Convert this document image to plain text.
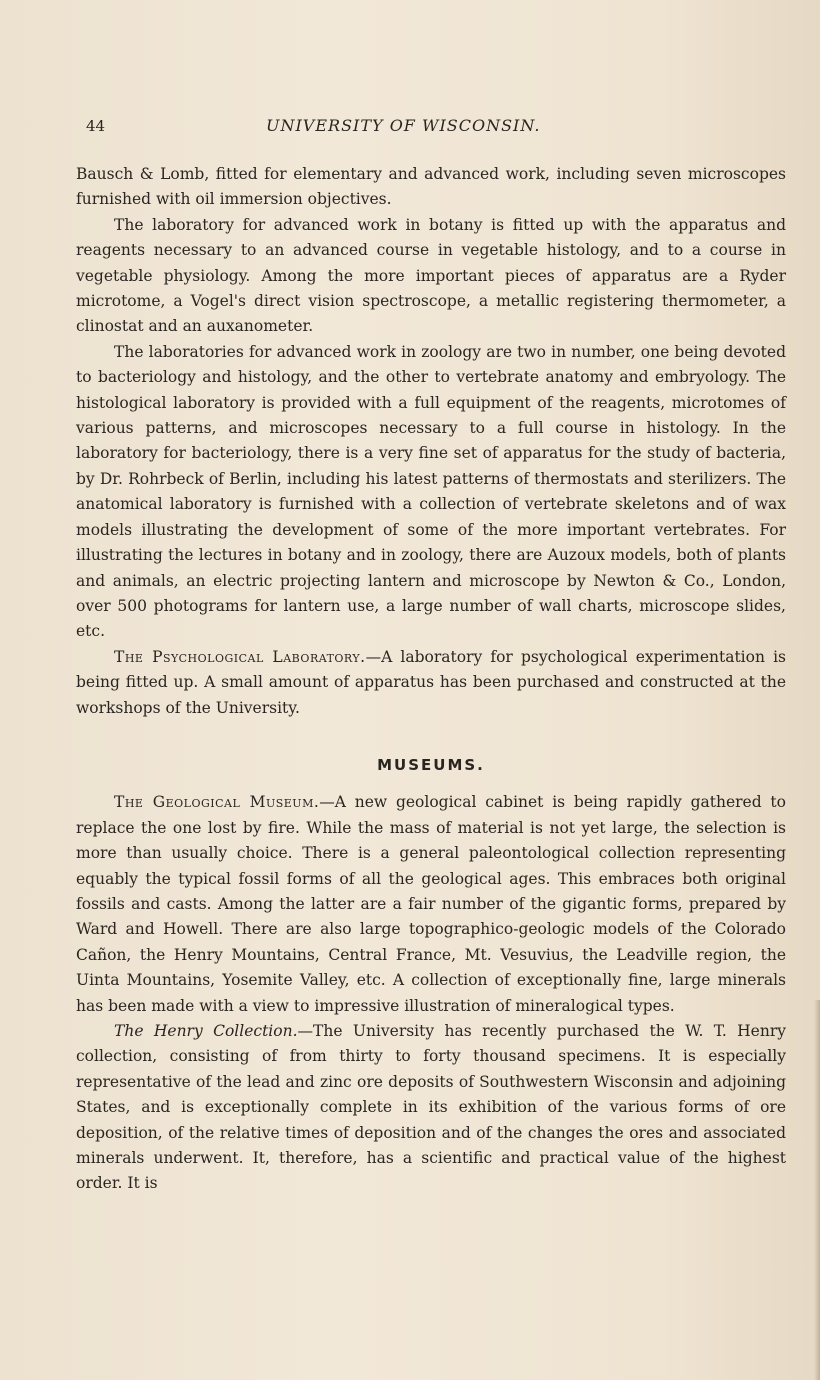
44	UNIVERSITY OF WISCONSIN.

Bausch & Lomb, fitted for elementary and advanced work, including seven microscopes furnished with oil immersion objectives.

The laboratory for advanced work in botany is fitted up with the apparatus and reagents necessary to an advanced course in vegetable histology, and to a course in vegetable physiology. Among the more important pieces of apparatus are a Ryder microtome, a Vogel's direct vision spectroscope, a metallic registering thermometer, a clinostat and an auxanometer.

The laboratories for advanced work in zoology are two in number, one being devoted to bacteriology and histology, and the other to vertebrate anatomy and embryology. The histological laboratory is provided with a full equipment of the reagents, microtomes of various patterns, and microscopes necessary to a full course in histology. In the laboratory for bacteriology, there is a very fine set of apparatus for the study of bacteria, by Dr. Rohrbeck of Berlin, including his latest patterns of thermostats and sterilizers. The anatomical laboratory is furnished with a collection of vertebrate skeletons and of wax models illustrating the development of some of the more important vertebrates. For illustrating the lectures in botany and in zoology, there are Auzoux models, both of plants and animals, an electric projecting lantern and microscope by Newton & Co., London, over 500 photograms for lantern use, a large number of wall charts, microscope slides, etc.

The Psychological Laboratory.—A laboratory for psychological experimentation is being fitted up. A small amount of apparatus has been purchased and constructed at the workshops of the University.

MUSEUMS.

The Geological Museum.—A new geological cabinet is being rapidly gathered to replace the one lost by fire. While the mass of material is not yet large, the selection is more than usually choice. There is a general paleontological collection representing equably the typical fossil forms of all the geological ages. This embraces both original fossils and casts. Among the latter are a fair number of the gigantic forms, prepared by Ward and Howell. There are also large topographico-geologic models of the Colorado Cañon, the Henry Mountains, Central France, Mt. Vesuvius, the Leadville region, the Uinta Mountains, Yosemite Valley, etc. A collection of exceptionally fine, large minerals has been made with a view to impressive illustration of mineralogical types.

The Henry Collection.—The University has recently purchased the W. T. Henry collection, consisting of from thirty to forty thousand specimens. It is especially representative of the lead and zinc ore deposits of Southwestern Wisconsin and adjoining States, and is exceptionally complete in its exhibition of the various forms of ore deposition, of the relative times of deposition and of the changes the ores and associated minerals underwent. It, therefore, has a scientific and practical value of the highest order. It is
